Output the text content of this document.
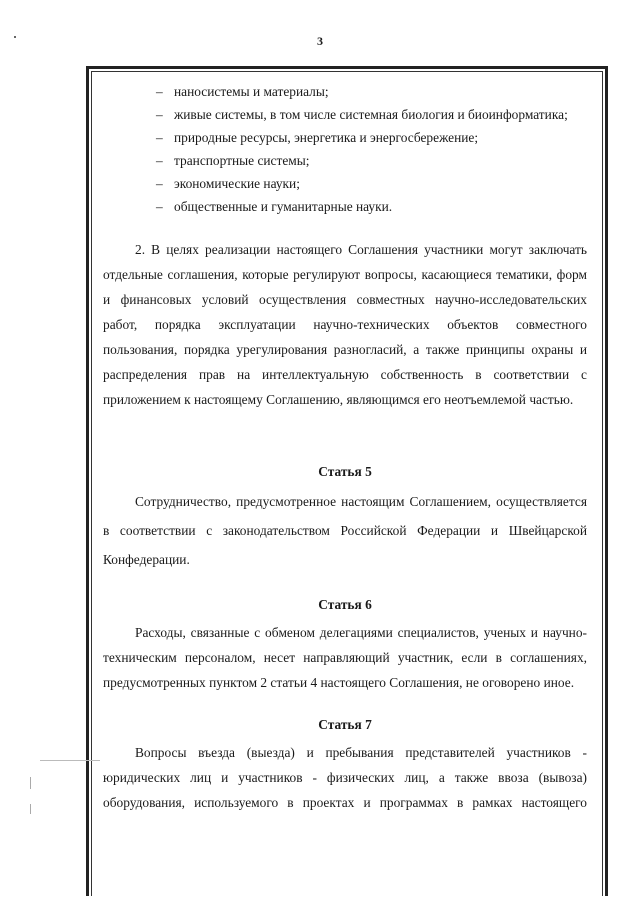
3
– наносистемы и материалы;
– живые системы, в том числе системная биология и биоинформатика;
– природные ресурсы, энергетика и энергосбережение;
– транспортные системы;
– экономические науки;
– общественные и гуманитарные науки.

2. В целях реализации настоящего Соглашения участники могут заключать отдельные соглашения, которые регулируют вопросы, касающиеся тематики, форм и финансовых условий осуществления совместных научно-исследовательских работ, порядка эксплуатации научно-технических объектов совместного пользования, порядка урегулирования разногласий, а также принципы охраны и распределения прав на интеллектуальную собственность в соответствии с приложением к настоящему Соглашению, являющимся его неотъемлемой частью.

Статья 5

Сотрудничество, предусмотренное настоящим Соглашением, осуществляется в соответствии с законодательством Российской Федерации и Швейцарской Конфедерации.

Статья 6

Расходы, связанные с обменом делегациями специалистов, ученых и научно-техническим персоналом, несет направляющий участник, если в соглашениях, предусмотренных пунктом 2 статьи 4 настоящего Соглашения, не оговорено иное.

Статья 7

Вопросы въезда (выезда) и пребывания представителей участников - юридических лиц и участников - физических лиц, а также ввоза (вывоза) оборудования, используемого в проектах и программах в рамках настоящего
